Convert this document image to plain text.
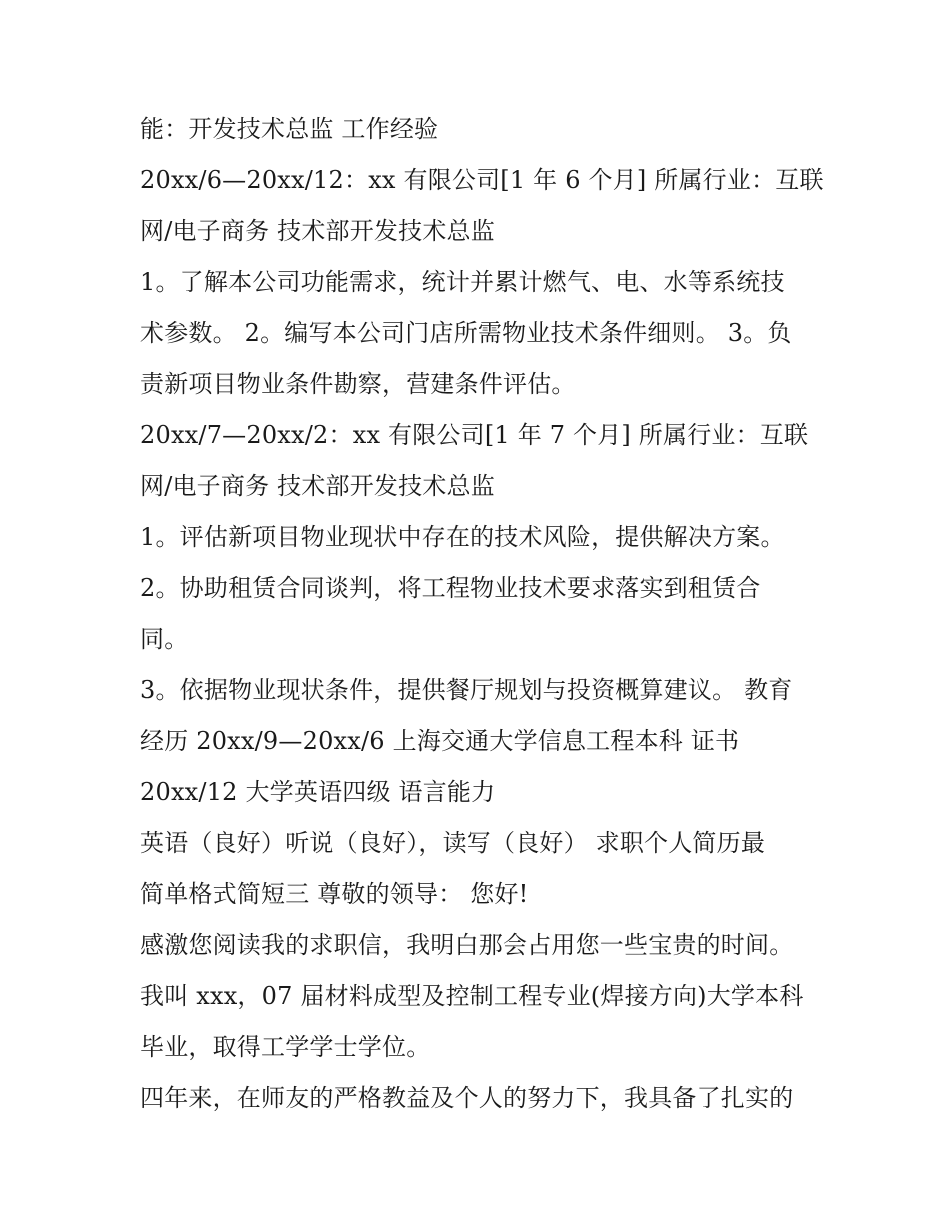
能：开发技术总监 工作经验
20xx/6—20xx/12：xx 有限公司[1 年 6 个月] 所属行业：互联
网/电子商务 技术部开发技术总监
1。了解本公司功能需求，统计并累计燃气、电、水等系统技
术参数。 2。编写本公司门店所需物业技术条件细则。 3。负
责新项目物业条件勘察，营建条件评估。
20xx/7—20xx/2：xx 有限公司[1 年 7 个月] 所属行业：互联
网/电子商务 技术部开发技术总监
1。评估新项目物业现状中存在的技术风险，提供解决方案。
2。协助租赁合同谈判，将工程物业技术要求落实到租赁合
同。
3。依据物业现状条件，提供餐厅规划与投资概算建议。 教育
经历 20xx/9—20xx/6 上海交通大学信息工程本科 证书
20xx/12 大学英语四级 语言能力
英语（良好）听说（良好），读写（良好） 求职个人简历最
简单格式简短三 尊敬的领导： 您好!
感激您阅读我的求职信，我明白那会占用您一些宝贵的时间。
我叫 xxx，07 届材料成型及控制工程专业(焊接方向)大学本科
毕业，取得工学学士学位。
四年来，在师友的严格教益及个人的努力下，我具备了扎实的
